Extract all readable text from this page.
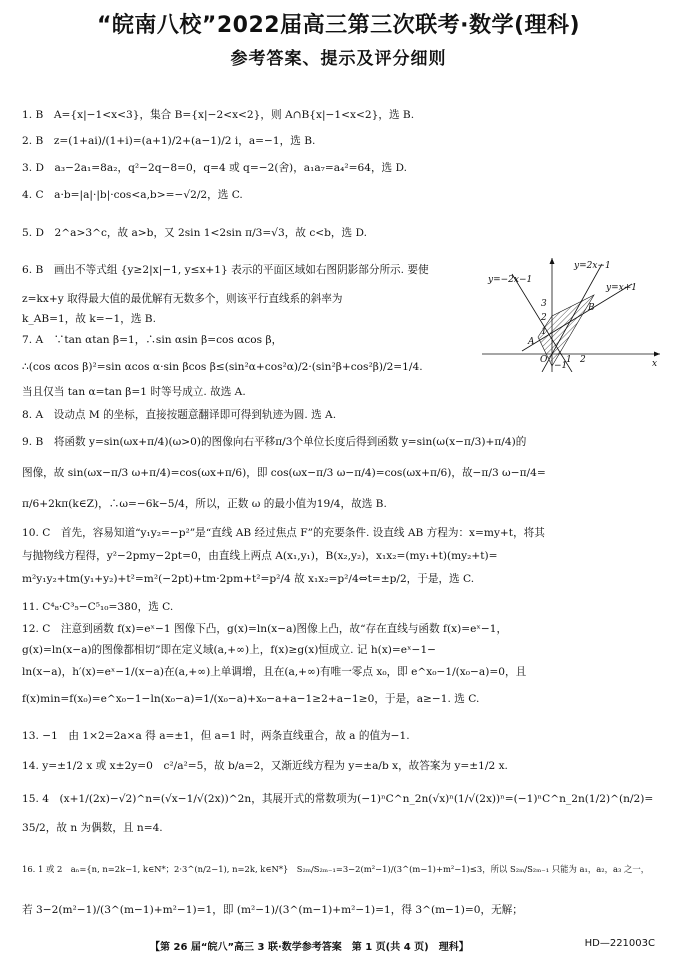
“皖南八校”2022届高三第三次联考·数学(理科)
参考答案、提示及评分细则
1. B　A={x|−1<x<3}，集合 B={x|−2<x<2}，则 A∩B{x|−1<x<2}，选 B.
2. B　z=(1+ai)/(1+i)=(a+1)/2+(a−1)/2 i，a=−1，选 B.
3. D　a₃−2a₁=8a₂，q²−2q−8=0，q=4 或 q=−2(舍)，a₁a₇=a₄²=64，选 D.
4. C　a·b=|a|·|b|·cos<a,b>=−√2/2，选 C.
5. D　2^a>3^c，故 a>b，又 2sin 1<2sin π/3=√3，故 c<b，选 D.
6. B　画出不等式组 {y≥2|x|−1, y≤x+1} 表示的平面区域如右图阴影部分所示. 要使
z=kx+y 取得最大值的最优解有无数多个，则该平行直线系的斜率为
k_AB=1，故 k=−1，选 B.
7. A　∵tan αtan β=1，∴sin αsin β=cos αcos β，
∴(cos αcos β)²=sin αcos α·sin βcos β≤(sin²α+cos²α)/2·(sin²β+cos²β)/2=1/4.
当且仅当 tan α=tan β=1 时等号成立. 故选 A.
8. A　设动点 M 的坐标，直接按题意翻译即可得到轨迹为圆. 选 A.
9. B　将函数 y=sin(ωx+π/4)(ω>0)的图像向右平移π/3个单位长度后得到函数 y=sin(ω(x−π/3)+π/4)的
图像，故 sin(ωx−π/3 ω+π/4)=cos(ωx+π/6)，即 cos(ωx−π/3 ω−π/4)=cos(ωx+π/6)，故−π/3 ω−π/4=
π/6+2kπ(k∈Z)，∴ω=−6k−5/4，所以，正数 ω 的最小值为19/4，故选 B.
10. C　首先，容易知道“y₁y₂=−p²”是“直线 AB 经过焦点 F”的充要条件. 设直线 AB 方程为：x=my+t，将其
与抛物线方程得，y²−2pmy−2pt=0，由直线上两点 A(x₁,y₁)，B(x₂,y₂)，x₁x₂=(my₁+t)(my₂+t)=
m²y₁y₂+tm(y₁+y₂)+t²=m²(−2pt)+tm·2pm+t²=p²/4 故 x₁x₂=p²/4⇔t=±p/2，于是，选 C.
11. C⁴₈·C³₅−C⁵₁₀=380，选 C.
12. C　注意到函数 f(x)=eˣ−1 图像下凸，g(x)=ln(x−a)图像上凸，故“存在直线与函数 f(x)=eˣ−1，
g(x)=ln(x−a)的图像都相切”即在定义域(a,+∞)上，f(x)≥g(x)恒成立. 记 h(x)=eˣ−1−
ln(x−a)，h′(x)=eˣ−1/(x−a)在(a,+∞)上单调增，且在(a,+∞)有唯一零点 x₀，即 e^x₀−1/(x₀−a)=0，且
f(x)min=f(x₀)=e^x₀−1−ln(x₀−a)=1/(x₀−a)+x₀−a+a−1≥2+a−1≥0，于是，a≥−1. 选 C.
13. −1　由 1×2=2a×a 得 a=±1，但 a=1 时，两条直线重合，故 a 的值为−1.
14. y=±1/2 x 或 x±2y=0　c²/a²=5，故 b/a=2，又渐近线方程为 y=±a/b x，故答案为 y=±1/2 x.
15. 4　(x+1/(2x)−√2)^n=(√x−1/√(2x))^2n，其展开式的常数项为(−1)ⁿC^n_2n(√x)ⁿ(1/√(2x))ⁿ=(−1)ⁿC^n_2n(1/2)^(n/2)=
35/2，故 n 为偶数，且 n=4.
16. 1 或 2　aₙ={n, n=2k−1, k∈N*；2·3^(n/2−1), n=2k, k∈N*}　S₂ₘ/S₂ₘ₋₁=3−2(m²−1)/(3^(m−1)+m²−1)≤3，所以 S₂ₘ/S₂ₘ₋₁ 只能为 a₁，a₂，a₃ 之一，
若 3−2(m²−1)/(3^(m−1)+m²−1)=1，即 (m²−1)/(3^(m−1)+m²−1)=1，得 3^(m−1)=0，无解；
y=−2x−1
y=2x−1
y=x+1
B
A
O
3
2
1
−1
1 2	x
【第 26 届“皖八”高三 3 联·数学参考答案　第 1 页(共 4 页)　理科】	HD—221003C
